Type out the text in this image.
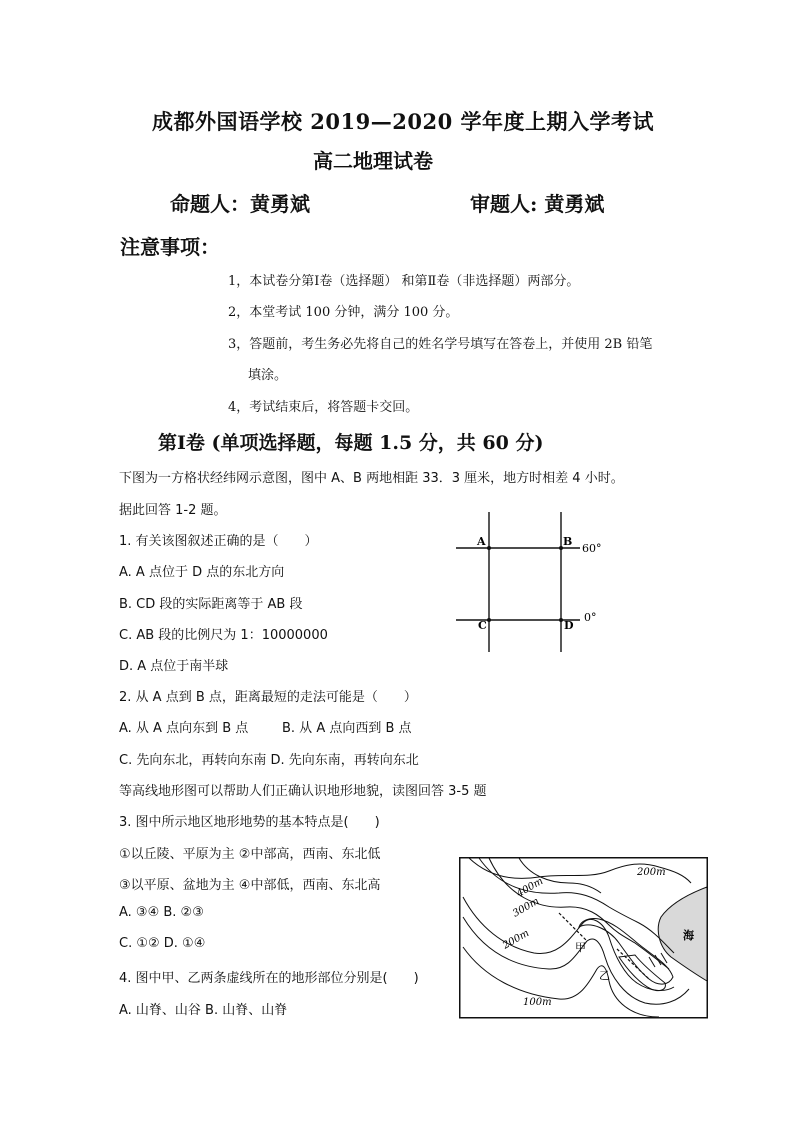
成都外国语学校 2019—2020 学年度上期入学考试
高二地理试卷
命题人：黄勇斌	审题人: 黄勇斌
注意事项：
1，本试卷分第Ⅰ卷（选择题） 和第Ⅱ卷（非选择题）两部分。
2，本堂考试 100 分钟，满分 100 分。
3，答题前，考生务必先将自己的姓名学号填写在答卷上，并使用 2B 铅笔
填涂。
4，考试结束后，将答题卡交回。
第Ⅰ卷 (单项选择题，每题 1.5 分，共 60 分)
下图为一方格状经纬网示意图，图中 A、B 两地相距 33．3 厘米，地方时相差 4 小时。
据此回答 1-2 题。
1. 有关该图叙述正确的是（　　）
A. A 点位于 D 点的东北方向
B. CD 段的实际距离等于 AB 段
C. AB 段的比例尺为 1：10000000
D. A 点位于南半球
2. 从 A 点到 B 点，距离最短的走法可能是（　　）
A. 从 A 点向东到 B 点	B. 从 A 点向西到 B 点
C. 先向东北，再转向东南 D. 先向东南，再转向东北
等高线地形图可以帮助人们正确认识地形地貌，读图回答 3-5 题
3. 图中所示地区地形地势的基本特点是(　　)
①以丘陵、平原为主 ②中部高，西南、东北低
③以平原、盆地为主 ④中部低，西南、东北高
A. ③④ B. ②③
C. ①② D. ①④
4. 图中甲、乙两条虚线所在的地形部位分别是(　　)
A. 山脊、山谷 B. 山脊、山脊
A	B
60°
C	D
0°
200m
400m
300m
200m
100m
甲
乙
海
